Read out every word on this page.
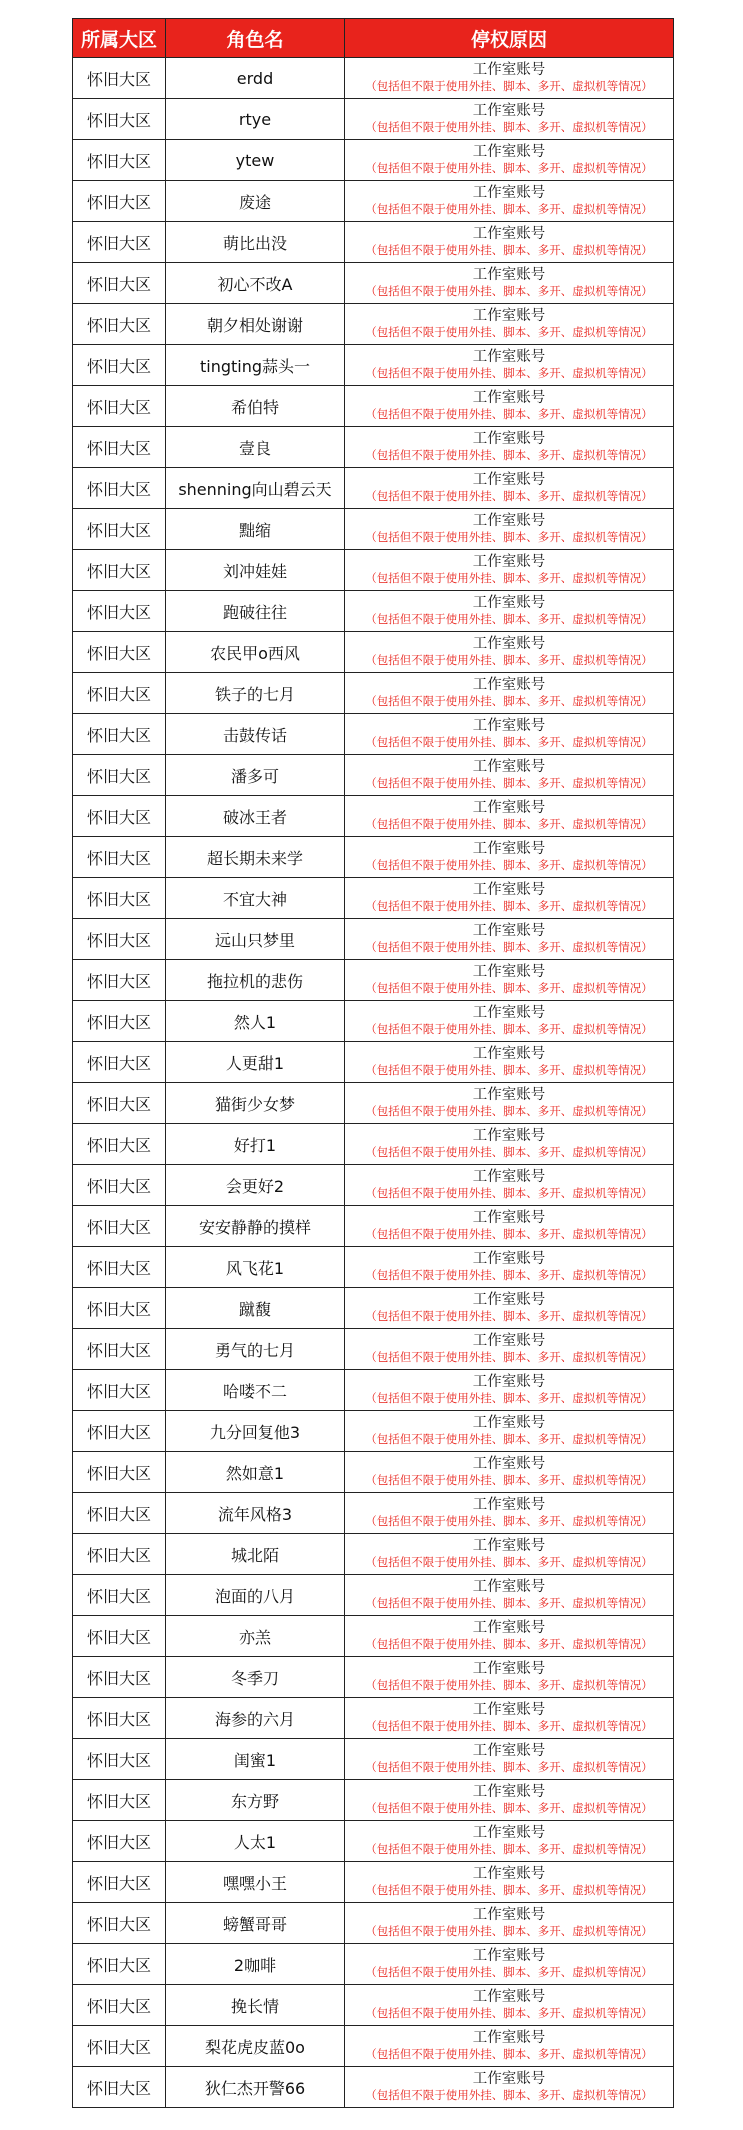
所属大区	角色名	停权原因
怀旧大区	erdd	工作室账号
（包括但不限于使用外挂、脚本、多开、虚拟机等情况）

怀旧大区	rtye	工作室账号
（包括但不限于使用外挂、脚本、多开、虚拟机等情况）

怀旧大区	ytew	工作室账号
（包括但不限于使用外挂、脚本、多开、虚拟机等情况）

怀旧大区	废途	工作室账号
（包括但不限于使用外挂、脚本、多开、虚拟机等情况）

怀旧大区	萌比出没	工作室账号
（包括但不限于使用外挂、脚本、多开、虚拟机等情况）

怀旧大区	初心不改A	工作室账号
（包括但不限于使用外挂、脚本、多开、虚拟机等情况）

怀旧大区	朝夕相处谢谢	工作室账号
（包括但不限于使用外挂、脚本、多开、虚拟机等情况）

怀旧大区	tingting蒜头一	工作室账号
（包括但不限于使用外挂、脚本、多开、虚拟机等情况）

怀旧大区	希伯特	工作室账号
（包括但不限于使用外挂、脚本、多开、虚拟机等情况）

怀旧大区	壹良	工作室账号
（包括但不限于使用外挂、脚本、多开、虚拟机等情况）

怀旧大区	shenning向山碧云天	工作室账号
（包括但不限于使用外挂、脚本、多开、虚拟机等情况）

怀旧大区	黜缩	工作室账号
（包括但不限于使用外挂、脚本、多开、虚拟机等情况）

怀旧大区	刘冲娃娃	工作室账号
（包括但不限于使用外挂、脚本、多开、虚拟机等情况）

怀旧大区	跑破往往	工作室账号
（包括但不限于使用外挂、脚本、多开、虚拟机等情况）

怀旧大区	农民甲o西风	工作室账号
（包括但不限于使用外挂、脚本、多开、虚拟机等情况）

怀旧大区	铁子的七月	工作室账号
（包括但不限于使用外挂、脚本、多开、虚拟机等情况）

怀旧大区	击鼓传话	工作室账号
（包括但不限于使用外挂、脚本、多开、虚拟机等情况）

怀旧大区	潘多可	工作室账号
（包括但不限于使用外挂、脚本、多开、虚拟机等情况）

怀旧大区	破冰王者	工作室账号
（包括但不限于使用外挂、脚本、多开、虚拟机等情况）

怀旧大区	超长期未来学	工作室账号
（包括但不限于使用外挂、脚本、多开、虚拟机等情况）

怀旧大区	不宜大神	工作室账号
（包括但不限于使用外挂、脚本、多开、虚拟机等情况）

怀旧大区	远山只梦里	工作室账号
（包括但不限于使用外挂、脚本、多开、虚拟机等情况）

怀旧大区	拖拉机的悲伤	工作室账号
（包括但不限于使用外挂、脚本、多开、虚拟机等情况）

怀旧大区	然人1	工作室账号
（包括但不限于使用外挂、脚本、多开、虚拟机等情况）

怀旧大区	人更甜1	工作室账号
（包括但不限于使用外挂、脚本、多开、虚拟机等情况）

怀旧大区	猫街少女梦	工作室账号
（包括但不限于使用外挂、脚本、多开、虚拟机等情况）

怀旧大区	好打1	工作室账号
（包括但不限于使用外挂、脚本、多开、虚拟机等情况）

怀旧大区	会更好2	工作室账号
（包括但不限于使用外挂、脚本、多开、虚拟机等情况）

怀旧大区	安安静静的摸样	工作室账号
（包括但不限于使用外挂、脚本、多开、虚拟机等情况）

怀旧大区	风飞花1	工作室账号
（包括但不限于使用外挂、脚本、多开、虚拟机等情况）

怀旧大区	蹴馥	工作室账号
（包括但不限于使用外挂、脚本、多开、虚拟机等情况）

怀旧大区	勇气的七月	工作室账号
（包括但不限于使用外挂、脚本、多开、虚拟机等情况）

怀旧大区	哈喽不二	工作室账号
（包括但不限于使用外挂、脚本、多开、虚拟机等情况）

怀旧大区	九分回复他3	工作室账号
（包括但不限于使用外挂、脚本、多开、虚拟机等情况）

怀旧大区	然如意1	工作室账号
（包括但不限于使用外挂、脚本、多开、虚拟机等情况）

怀旧大区	流年风格3	工作室账号
（包括但不限于使用外挂、脚本、多开、虚拟机等情况）

怀旧大区	城北陌	工作室账号
（包括但不限于使用外挂、脚本、多开、虚拟机等情况）

怀旧大区	泡面的八月	工作室账号
（包括但不限于使用外挂、脚本、多开、虚拟机等情况）

怀旧大区	亦羔	工作室账号
（包括但不限于使用外挂、脚本、多开、虚拟机等情况）

怀旧大区	冬季刀	工作室账号
（包括但不限于使用外挂、脚本、多开、虚拟机等情况）

怀旧大区	海参的六月	工作室账号
（包括但不限于使用外挂、脚本、多开、虚拟机等情况）

怀旧大区	闺蜜1	工作室账号
（包括但不限于使用外挂、脚本、多开、虚拟机等情况）

怀旧大区	东方野	工作室账号
（包括但不限于使用外挂、脚本、多开、虚拟机等情况）

怀旧大区	人太1	工作室账号
（包括但不限于使用外挂、脚本、多开、虚拟机等情况）

怀旧大区	嘿嘿小王	工作室账号
（包括但不限于使用外挂、脚本、多开、虚拟机等情况）

怀旧大区	螃蟹哥哥	工作室账号
（包括但不限于使用外挂、脚本、多开、虚拟机等情况）

怀旧大区	2咖啡	工作室账号
（包括但不限于使用外挂、脚本、多开、虚拟机等情况）

怀旧大区	挽长情	工作室账号
（包括但不限于使用外挂、脚本、多开、虚拟机等情况）

怀旧大区	梨花虎皮蓝0o	工作室账号
（包括但不限于使用外挂、脚本、多开、虚拟机等情况）

怀旧大区	狄仁杰开警66	工作室账号
（包括但不限于使用外挂、脚本、多开、虚拟机等情况）
